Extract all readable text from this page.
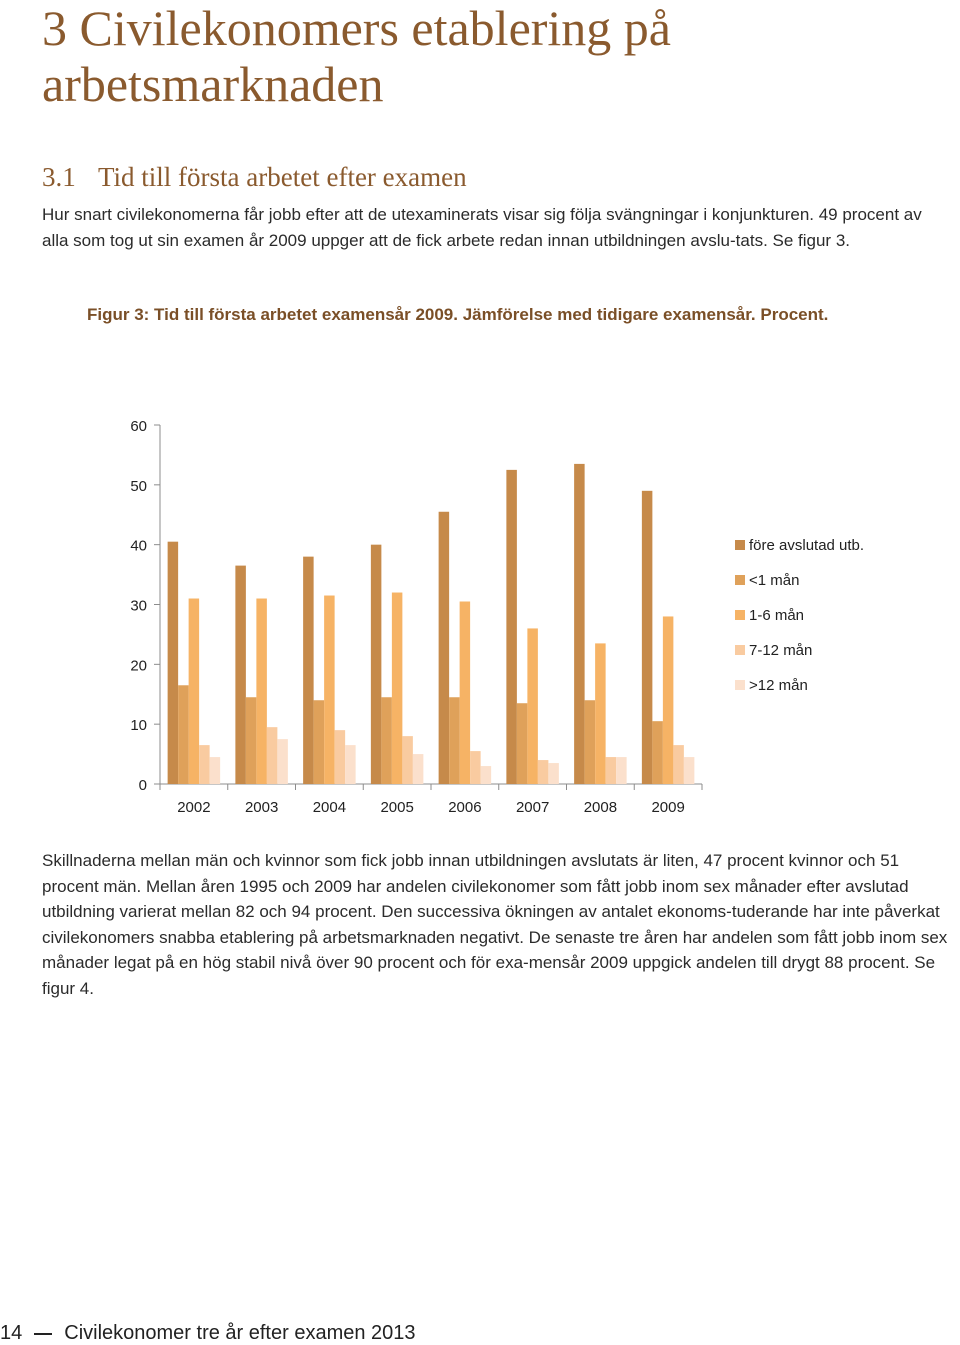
3 Civilekonomers etablering på arbetsmarknaden
3.1 Tid till första arbetet efter examen

Hur snart civilekonomerna får jobb efter att de utexaminerats visar sig följa svängningar i konjunkturen. 49 procent av alla som tog ut sin examen år 2009 uppger att de fick arbete redan innan utbildningen avslu-tats. Se figur 3.

Figur 3: Tid till första arbetet examensår 2009. Jämförelse med tidigare examensår. Procent.

0
10
20
30
40
50
60
2002 2003 2004 2005 2006 2007 2008 2009
före avslutad utb.
<1 mån
1-6 mån
7-12 mån
>12 mån

Skillnaderna mellan män och kvinnor som fick jobb innan utbildningen avslutats är liten, 47 procent kvinnor och 51 procent män. Mellan åren 1995 och 2009 har andelen civilekonomer som fått jobb inom sex månader efter avslutad utbildning varierat mellan 82 och 94 procent. Den successiva ökningen av antalet ekonoms-tuderande har inte påverkat civilekonomers snabba etablering på arbetsmarknaden negativt. De senaste tre åren har andelen som fått jobb inom sex månader legat på en hög stabil nivå över 90 procent och för exa-mensår 2009 uppgick andelen till drygt 88 procent. Se figur 4.

14 Civilekonomer tre år efter examen 2013
